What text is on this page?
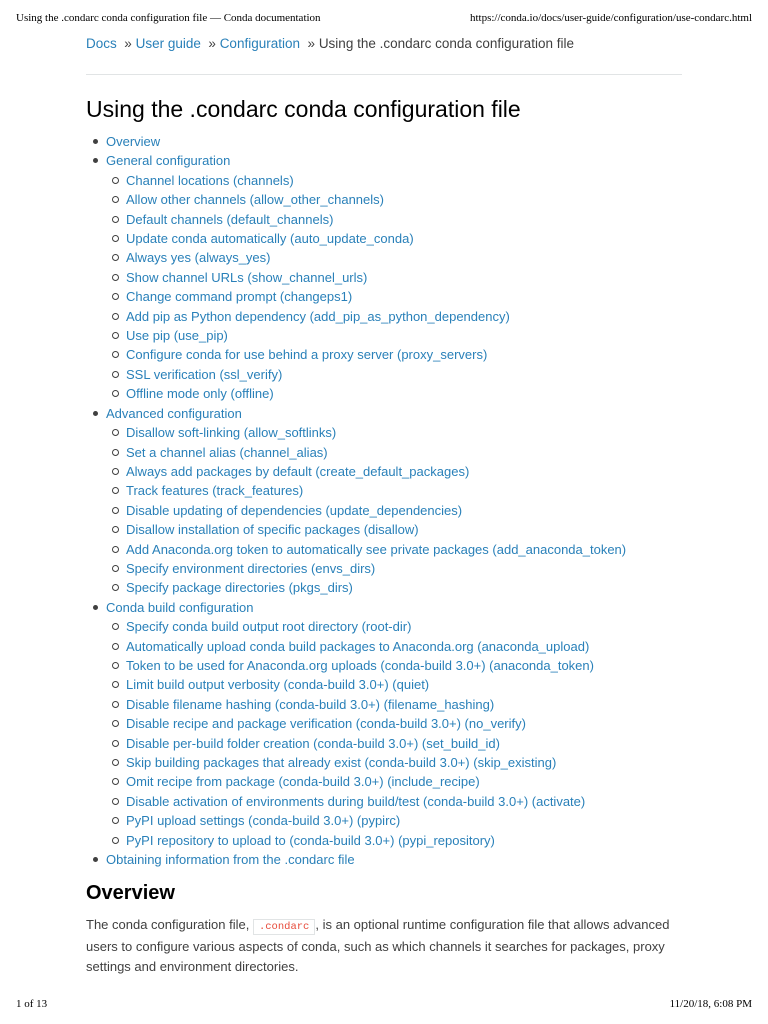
Using the .condarc conda configuration file — Conda documentation	https://conda.io/docs/user-guide/configuration/use-condarc.html
Docs » User guide » Configuration » Using the .condarc conda configuration file
Using the .condarc conda configuration file
Overview
General configuration
Channel locations (channels)
Allow other channels (allow_other_channels)
Default channels (default_channels)
Update conda automatically (auto_update_conda)
Always yes (always_yes)
Show channel URLs (show_channel_urls)
Change command prompt (changeps1)
Add pip as Python dependency (add_pip_as_python_dependency)
Use pip (use_pip)
Configure conda for use behind a proxy server (proxy_servers)
SSL verification (ssl_verify)
Offline mode only (offline)
Advanced configuration
Disallow soft-linking (allow_softlinks)
Set a channel alias (channel_alias)
Always add packages by default (create_default_packages)
Track features (track_features)
Disable updating of dependencies (update_dependencies)
Disallow installation of specific packages (disallow)
Add Anaconda.org token to automatically see private packages (add_anaconda_token)
Specify environment directories (envs_dirs)
Specify package directories (pkgs_dirs)
Conda build configuration
Specify conda build output root directory (root-dir)
Automatically upload conda build packages to Anaconda.org (anaconda_upload)
Token to be used for Anaconda.org uploads (conda-build 3.0+) (anaconda_token)
Limit build output verbosity (conda-build 3.0+) (quiet)
Disable filename hashing (conda-build 3.0+) (filename_hashing)
Disable recipe and package verification (conda-build 3.0+) (no_verify)
Disable per-build folder creation (conda-build 3.0+) (set_build_id)
Skip building packages that already exist (conda-build 3.0+) (skip_existing)
Omit recipe from package (conda-build 3.0+) (include_recipe)
Disable activation of environments during build/test (conda-build 3.0+) (activate)
PyPI upload settings (conda-build 3.0+) (pypirc)
PyPI repository to upload to (conda-build 3.0+) (pypi_repository)
Obtaining information from the .condarc file
Overview

The conda configuration file, .condarc , is an optional runtime configuration file that allows advanced users to configure various aspects of conda, such as which channels it searches for packages, proxy settings and environment directories.

1 of 13	11/20/18, 6:08 PM
